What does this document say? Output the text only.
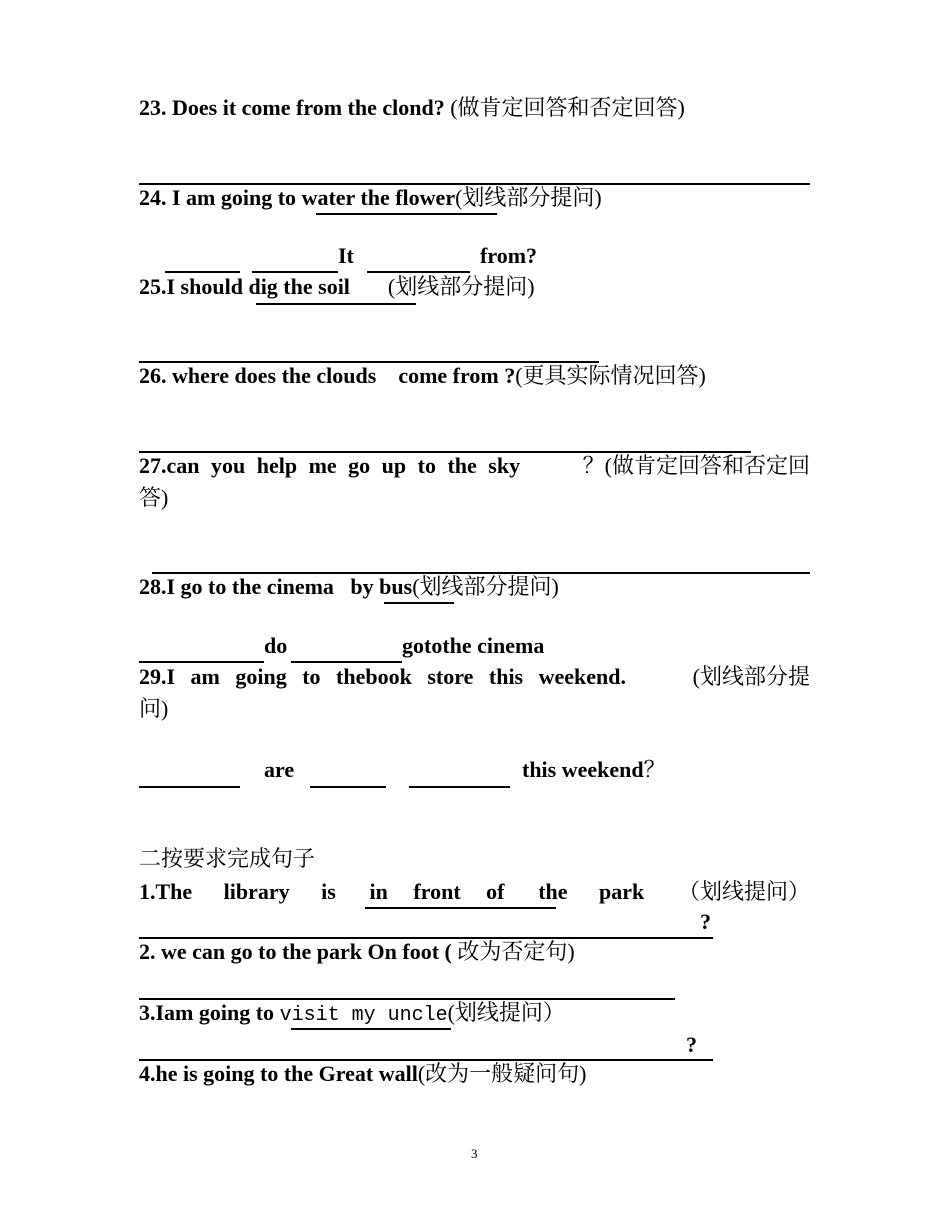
23. Does it come from the clond? (做肯定回答和否定回答)
24. I am going to water the flower(划线部分提问)
It	from?
25.I should dig the soil (划线部分提问)
26. where does the clouds    come from ?(更具实际情况回答)
27.can you help me go up to the sky	？(做肯定回答和否定回
答)
28.I go to the cinema   by bus(划线部分提问)
do	gotothe cinema
29.I am going to thebook store this weekend.	(划线部分提
问)
are	this weekend？
二按要求完成句子
1.The library is in front of the park （划线提问）
?
2. we can go to the park On foot ( 改为否定句)
3.Iam going to visit my uncle(划线提问）
?
4.he is going to the Great wall(改为一般疑问句)
3
